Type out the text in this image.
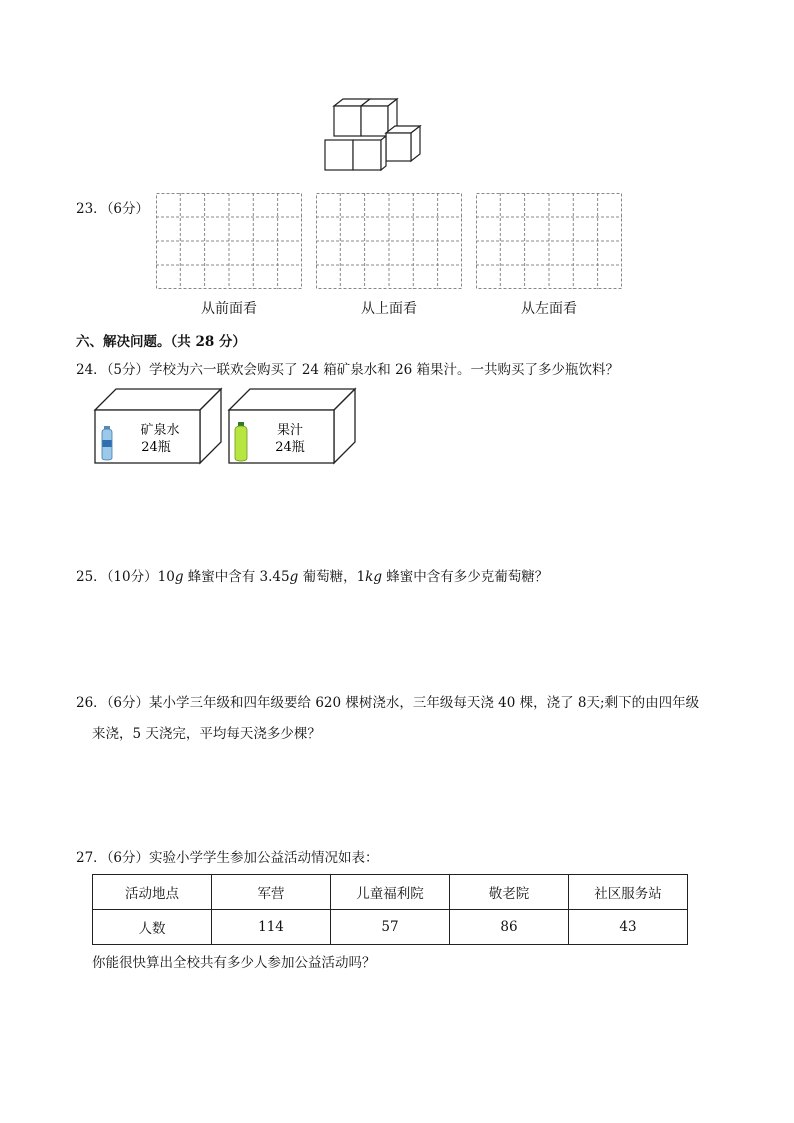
23．（6分）
从前面看	从上面看	从左面看
六、解决问题。（共 28 分）
24．（5分）学校为六一联欢会购买了 24 箱矿泉水和 26 箱果汁。一共购买了多少瓶饮料？
矿泉水
24瓶
果汁
24瓶
25．（10分）10g 蜂蜜中含有 3.45g 葡萄糖，1kg 蜂蜜中含有多少克葡萄糖？
26．（6分）某小学三年级和四年级要给 620 棵树浇水，三年级每天浇 40 棵，浇了 8天;剩下的由四年级
来浇，5 天浇完，平均每天浇多少棵？
27．（6分）实验小学学生参加公益活动情况如表：
活动地点	军营	儿童福利院	敬老院	社区服务站
人数	114	57	86	43
你能很快算出全校共有多少人参加公益活动吗？
